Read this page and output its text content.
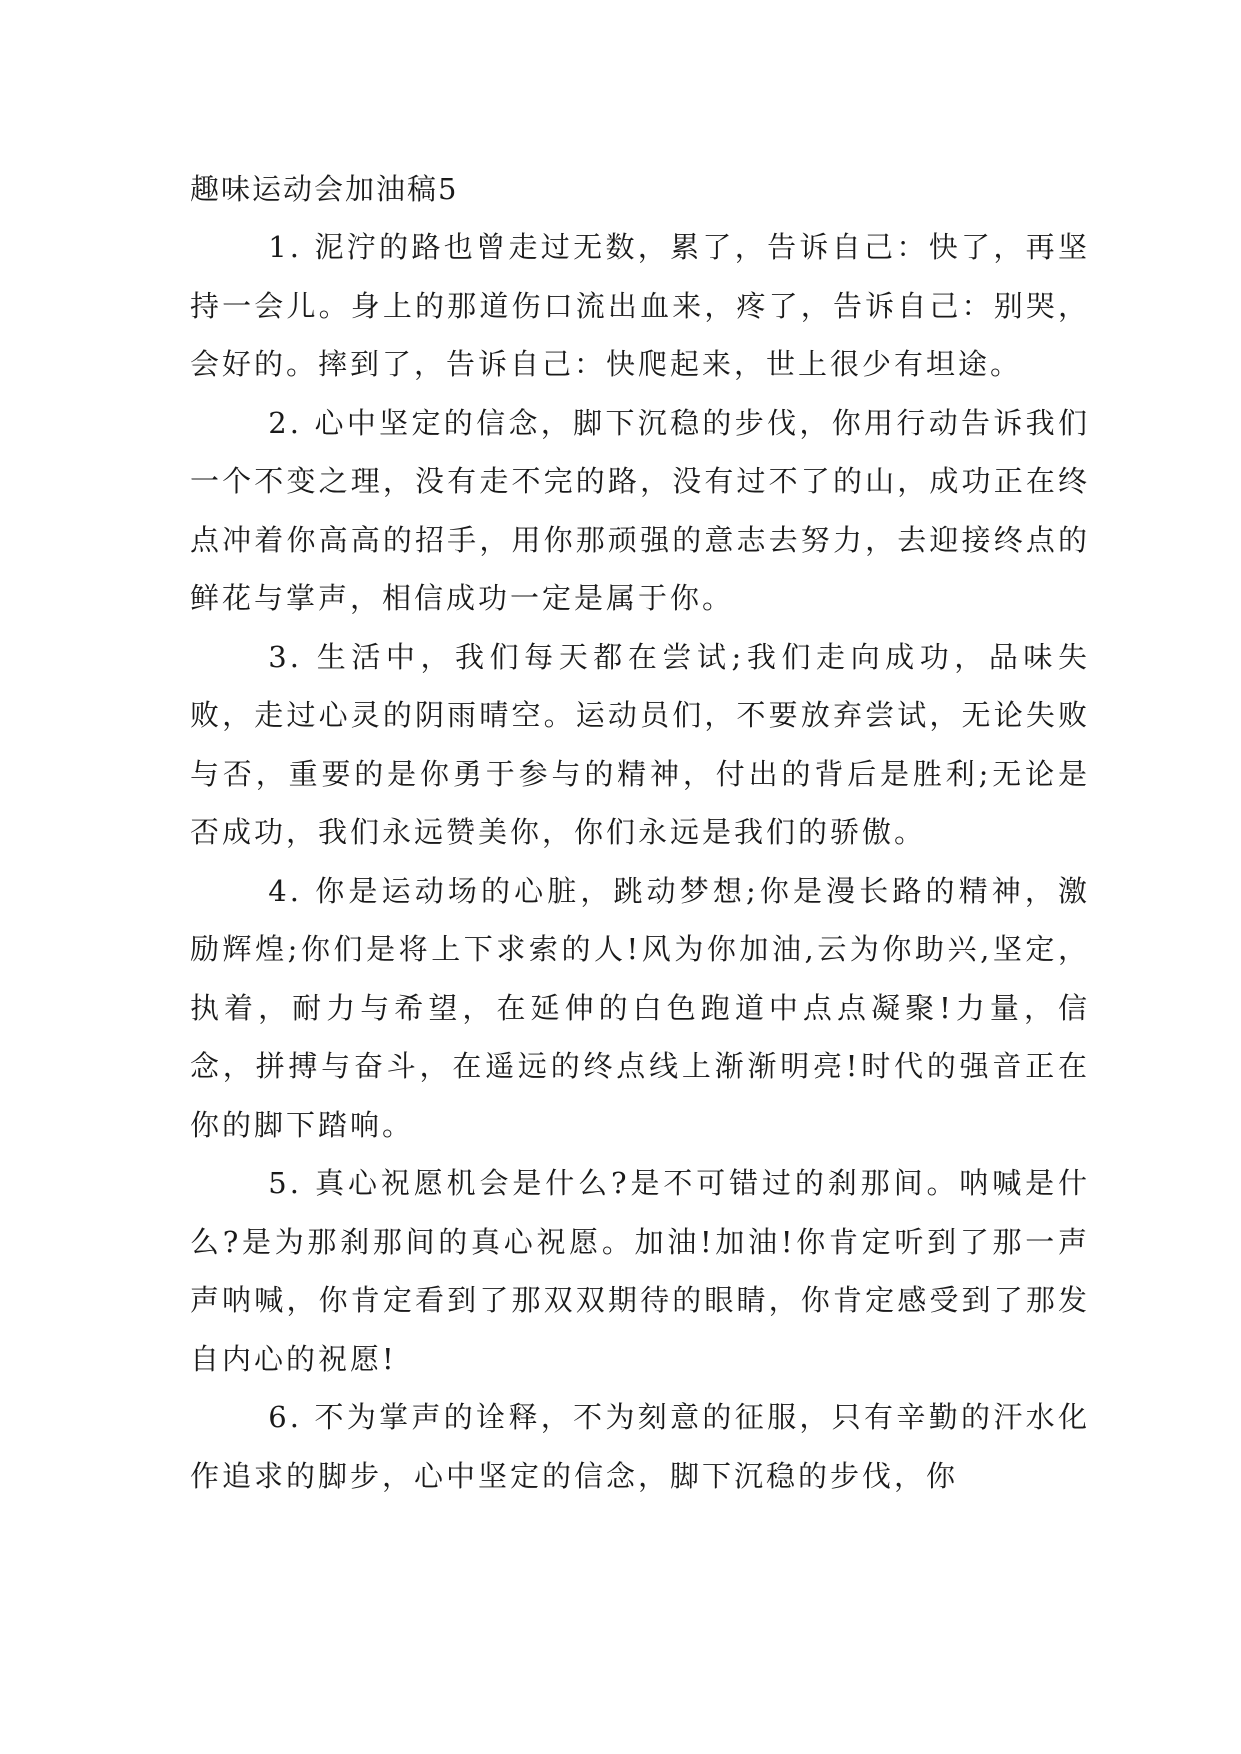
趣味运动会加油稿5

1. 泥泞的路也曾走过无数，累了，告诉自己：快了，再坚持一会儿。身上的那道伤口流出血来，疼了，告诉自己：别哭，会好的。摔到了，告诉自己：快爬起来，世上很少有坦途。

2. 心中坚定的信念，脚下沉稳的步伐，你用行动告诉我们一个不变之理，没有走不完的路，没有过不了的山，成功正在终点冲着你高高的招手，用你那顽强的意志去努力，去迎接终点的鲜花与掌声，相信成功一定是属于你。

3. 生活中，我们每天都在尝试;我们走向成功，品味失败，走过心灵的阴雨晴空。运动员们，不要放弃尝试，无论失败与否，重要的是你勇于参与的精神，付出的背后是胜利;无论是否成功，我们永远赞美你，你们永远是我们的骄傲。

4. 你是运动场的心脏，跳动梦想;你是漫长路的精神，激励辉煌;你们是将上下求索的人!风为你加油,云为你助兴,坚定，执着，耐力与希望，在延伸的白色跑道中点点凝聚!力量，信念，拼搏与奋斗，在遥远的终点线上渐渐明亮!时代的强音正在你的脚下踏响。

5. 真心祝愿机会是什么?是不可错过的刹那间。呐喊是什么?是为那刹那间的真心祝愿。加油!加油!你肯定听到了那一声声呐喊，你肯定看到了那双双期待的眼睛，你肯定感受到了那发自内心的祝愿!

6. 不为掌声的诠释，不为刻意的征服，只有辛勤的汗水化作追求的脚步，心中坚定的信念，脚下沉稳的步伐，你
